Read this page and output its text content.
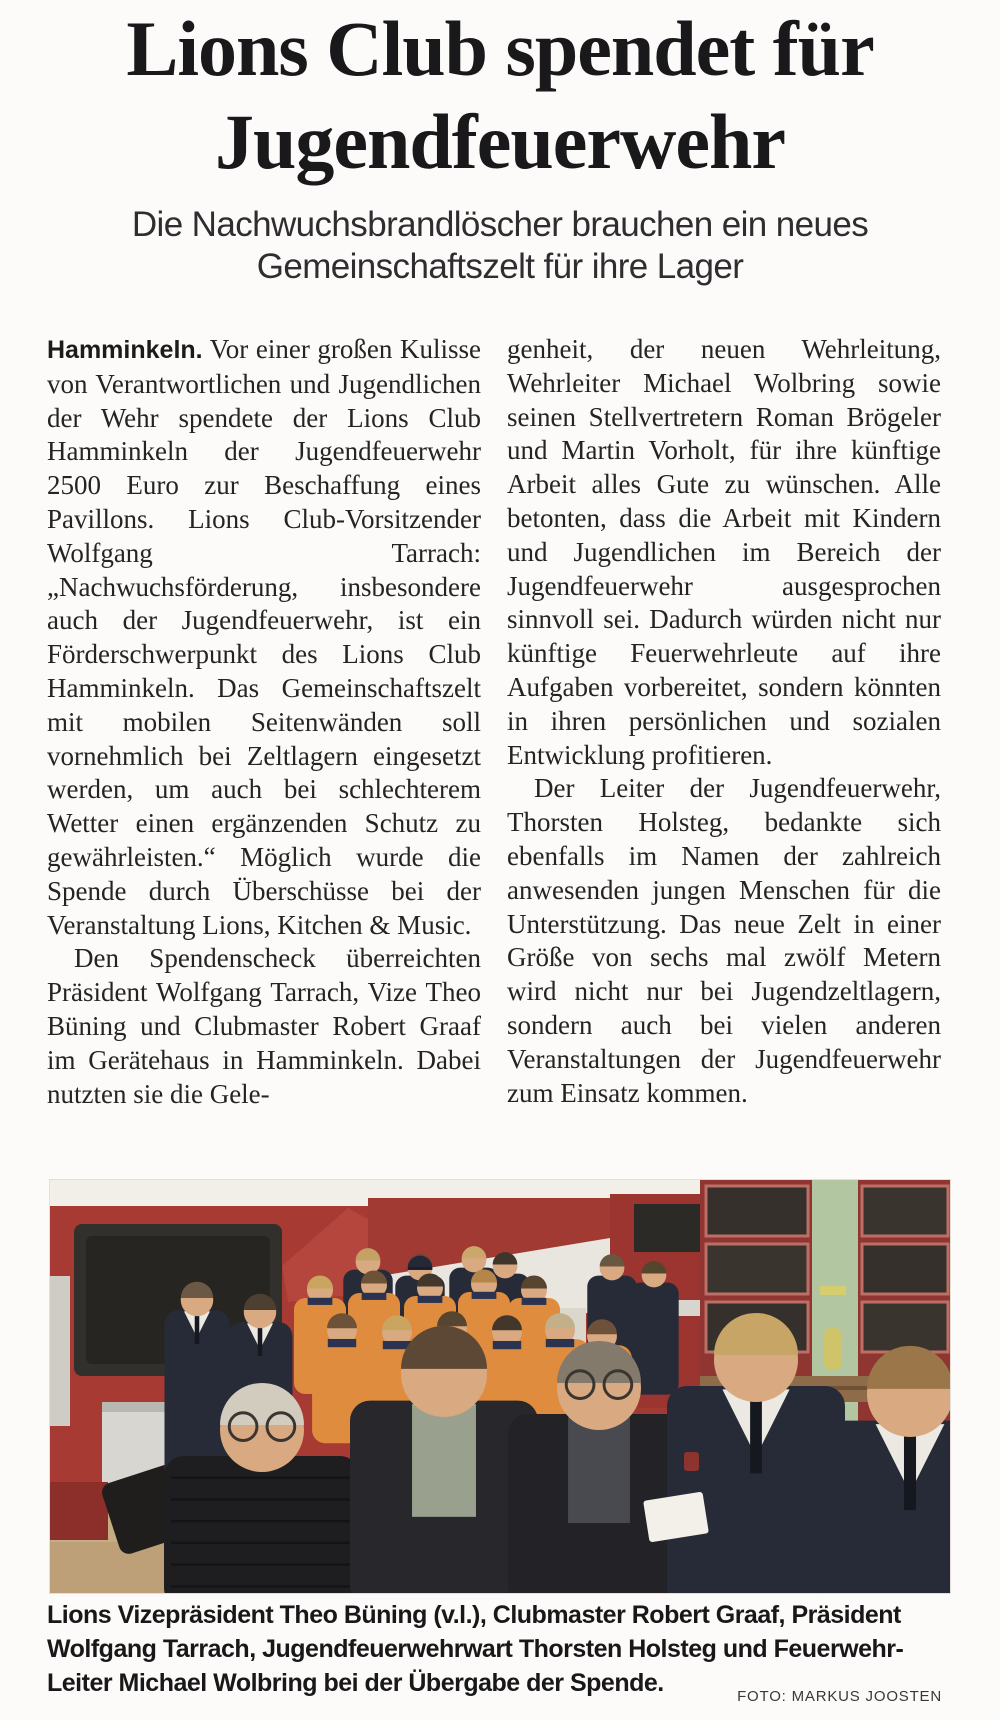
Lions Club spendet für
Jugendfeuerwehr
Die Nachwuchsbrandlöscher brauchen ein neues
Gemeinschaftszelt für ihre Lager

Hamminkeln. Vor einer großen Kulisse von Verantwortlichen und Jugendlichen der Wehr spendete der Lions Club Hamminkeln der Jugendfeuerwehr 2500 Euro zur Beschaffung eines Pavillons. Lions Club-Vorsitzender Wolfgang Tarrach: „Nachwuchsförderung, insbesondere auch der Jugendfeuerwehr, ist ein Förderschwerpunkt des Lions Club Hamminkeln. Das Gemeinschaftszelt mit mobilen Seitenwänden soll vornehmlich bei Zeltlagern eingesetzt werden, um auch bei schlechterem Wetter einen ergänzenden Schutz zu gewährleisten.“ Möglich wurde die Spende durch Überschüsse bei der Veranstaltung Lions, Kitchen & Music.

Den Spendenscheck überreichten Präsident Wolfgang Tarrach, Vize Theo Büning und Clubmaster Robert Graaf im Gerätehaus in Hamminkeln. Dabei nutzten sie die Gele-

genheit, der neuen Wehrleitung, Wehrleiter Michael Wolbring sowie seinen Stellvertretern Roman Brögeler und Martin Vorholt, für ihre künftige Arbeit alles Gute zu wünschen. Alle betonten, dass die Arbeit mit Kindern und Jugendlichen im Bereich der Jugendfeuerwehr ausgesprochen sinnvoll sei. Dadurch würden nicht nur künftige Feuerwehrleute auf ihre Aufgaben vorbereitet, sondern könnten in ihren persönlichen und sozialen Entwicklung profitieren.

Der Leiter der Jugendfeuerwehr, Thorsten Holsteg, bedankte sich ebenfalls im Namen der zahlreich anwesenden jungen Menschen für die Unterstützung. Das neue Zelt in einer Größe von sechs mal zwölf Metern wird nicht nur bei Jugendzeltlagern, sondern auch bei vielen anderen Veranstaltungen der Jugendfeuerwehr zum Einsatz kommen.

Lions Vizepräsident Theo Büning (v.l.), Clubmaster Robert Graaf, Präsident Wolfgang Tarrach, Jugendfeuerwehrwart Thorsten Holsteg und Feuerwehr-Leiter Michael Wolbring bei der Übergabe der Spende.	FOTO: MARKUS JOOSTEN
